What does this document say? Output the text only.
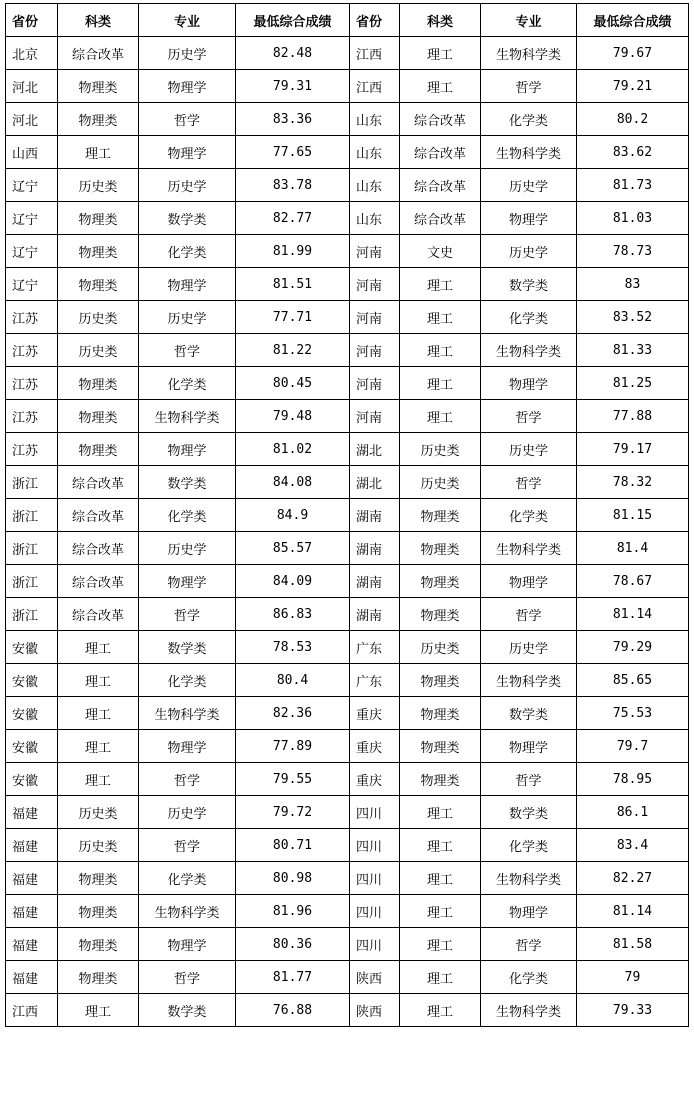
省份	科类	专业	最低综合成绩	省份	科类	专业	最低综合成绩
北京	综合改革	历史学	82.48	江西	理工	生物科学类	79.67
河北	物理类	物理学	79.31	江西	理工	哲学	79.21
河北	物理类	哲学	83.36	山东	综合改革	化学类	80.2
山西	理工	物理学	77.65	山东	综合改革	生物科学类	83.62
辽宁	历史类	历史学	83.78	山东	综合改革	历史学	81.73
辽宁	物理类	数学类	82.77	山东	综合改革	物理学	81.03
辽宁	物理类	化学类	81.99	河南	文史	历史学	78.73
辽宁	物理类	物理学	81.51	河南	理工	数学类	83
江苏	历史类	历史学	77.71	河南	理工	化学类	83.52
江苏	历史类	哲学	81.22	河南	理工	生物科学类	81.33
江苏	物理类	化学类	80.45	河南	理工	物理学	81.25
江苏	物理类	生物科学类	79.48	河南	理工	哲学	77.88
江苏	物理类	物理学	81.02	湖北	历史类	历史学	79.17
浙江	综合改革	数学类	84.08	湖北	历史类	哲学	78.32
浙江	综合改革	化学类	84.9	湖南	物理类	化学类	81.15
浙江	综合改革	历史学	85.57	湖南	物理类	生物科学类	81.4
浙江	综合改革	物理学	84.09	湖南	物理类	物理学	78.67
浙江	综合改革	哲学	86.83	湖南	物理类	哲学	81.14
安徽	理工	数学类	78.53	广东	历史类	历史学	79.29
安徽	理工	化学类	80.4	广东	物理类	生物科学类	85.65
安徽	理工	生物科学类	82.36	重庆	物理类	数学类	75.53
安徽	理工	物理学	77.89	重庆	物理类	物理学	79.7
安徽	理工	哲学	79.55	重庆	物理类	哲学	78.95
福建	历史类	历史学	79.72	四川	理工	数学类	86.1
福建	历史类	哲学	80.71	四川	理工	化学类	83.4
福建	物理类	化学类	80.98	四川	理工	生物科学类	82.27
福建	物理类	生物科学类	81.96	四川	理工	物理学	81.14
福建	物理类	物理学	80.36	四川	理工	哲学	81.58
福建	物理类	哲学	81.77	陕西	理工	化学类	79
江西	理工	数学类	76.88	陕西	理工	生物科学类	79.33
